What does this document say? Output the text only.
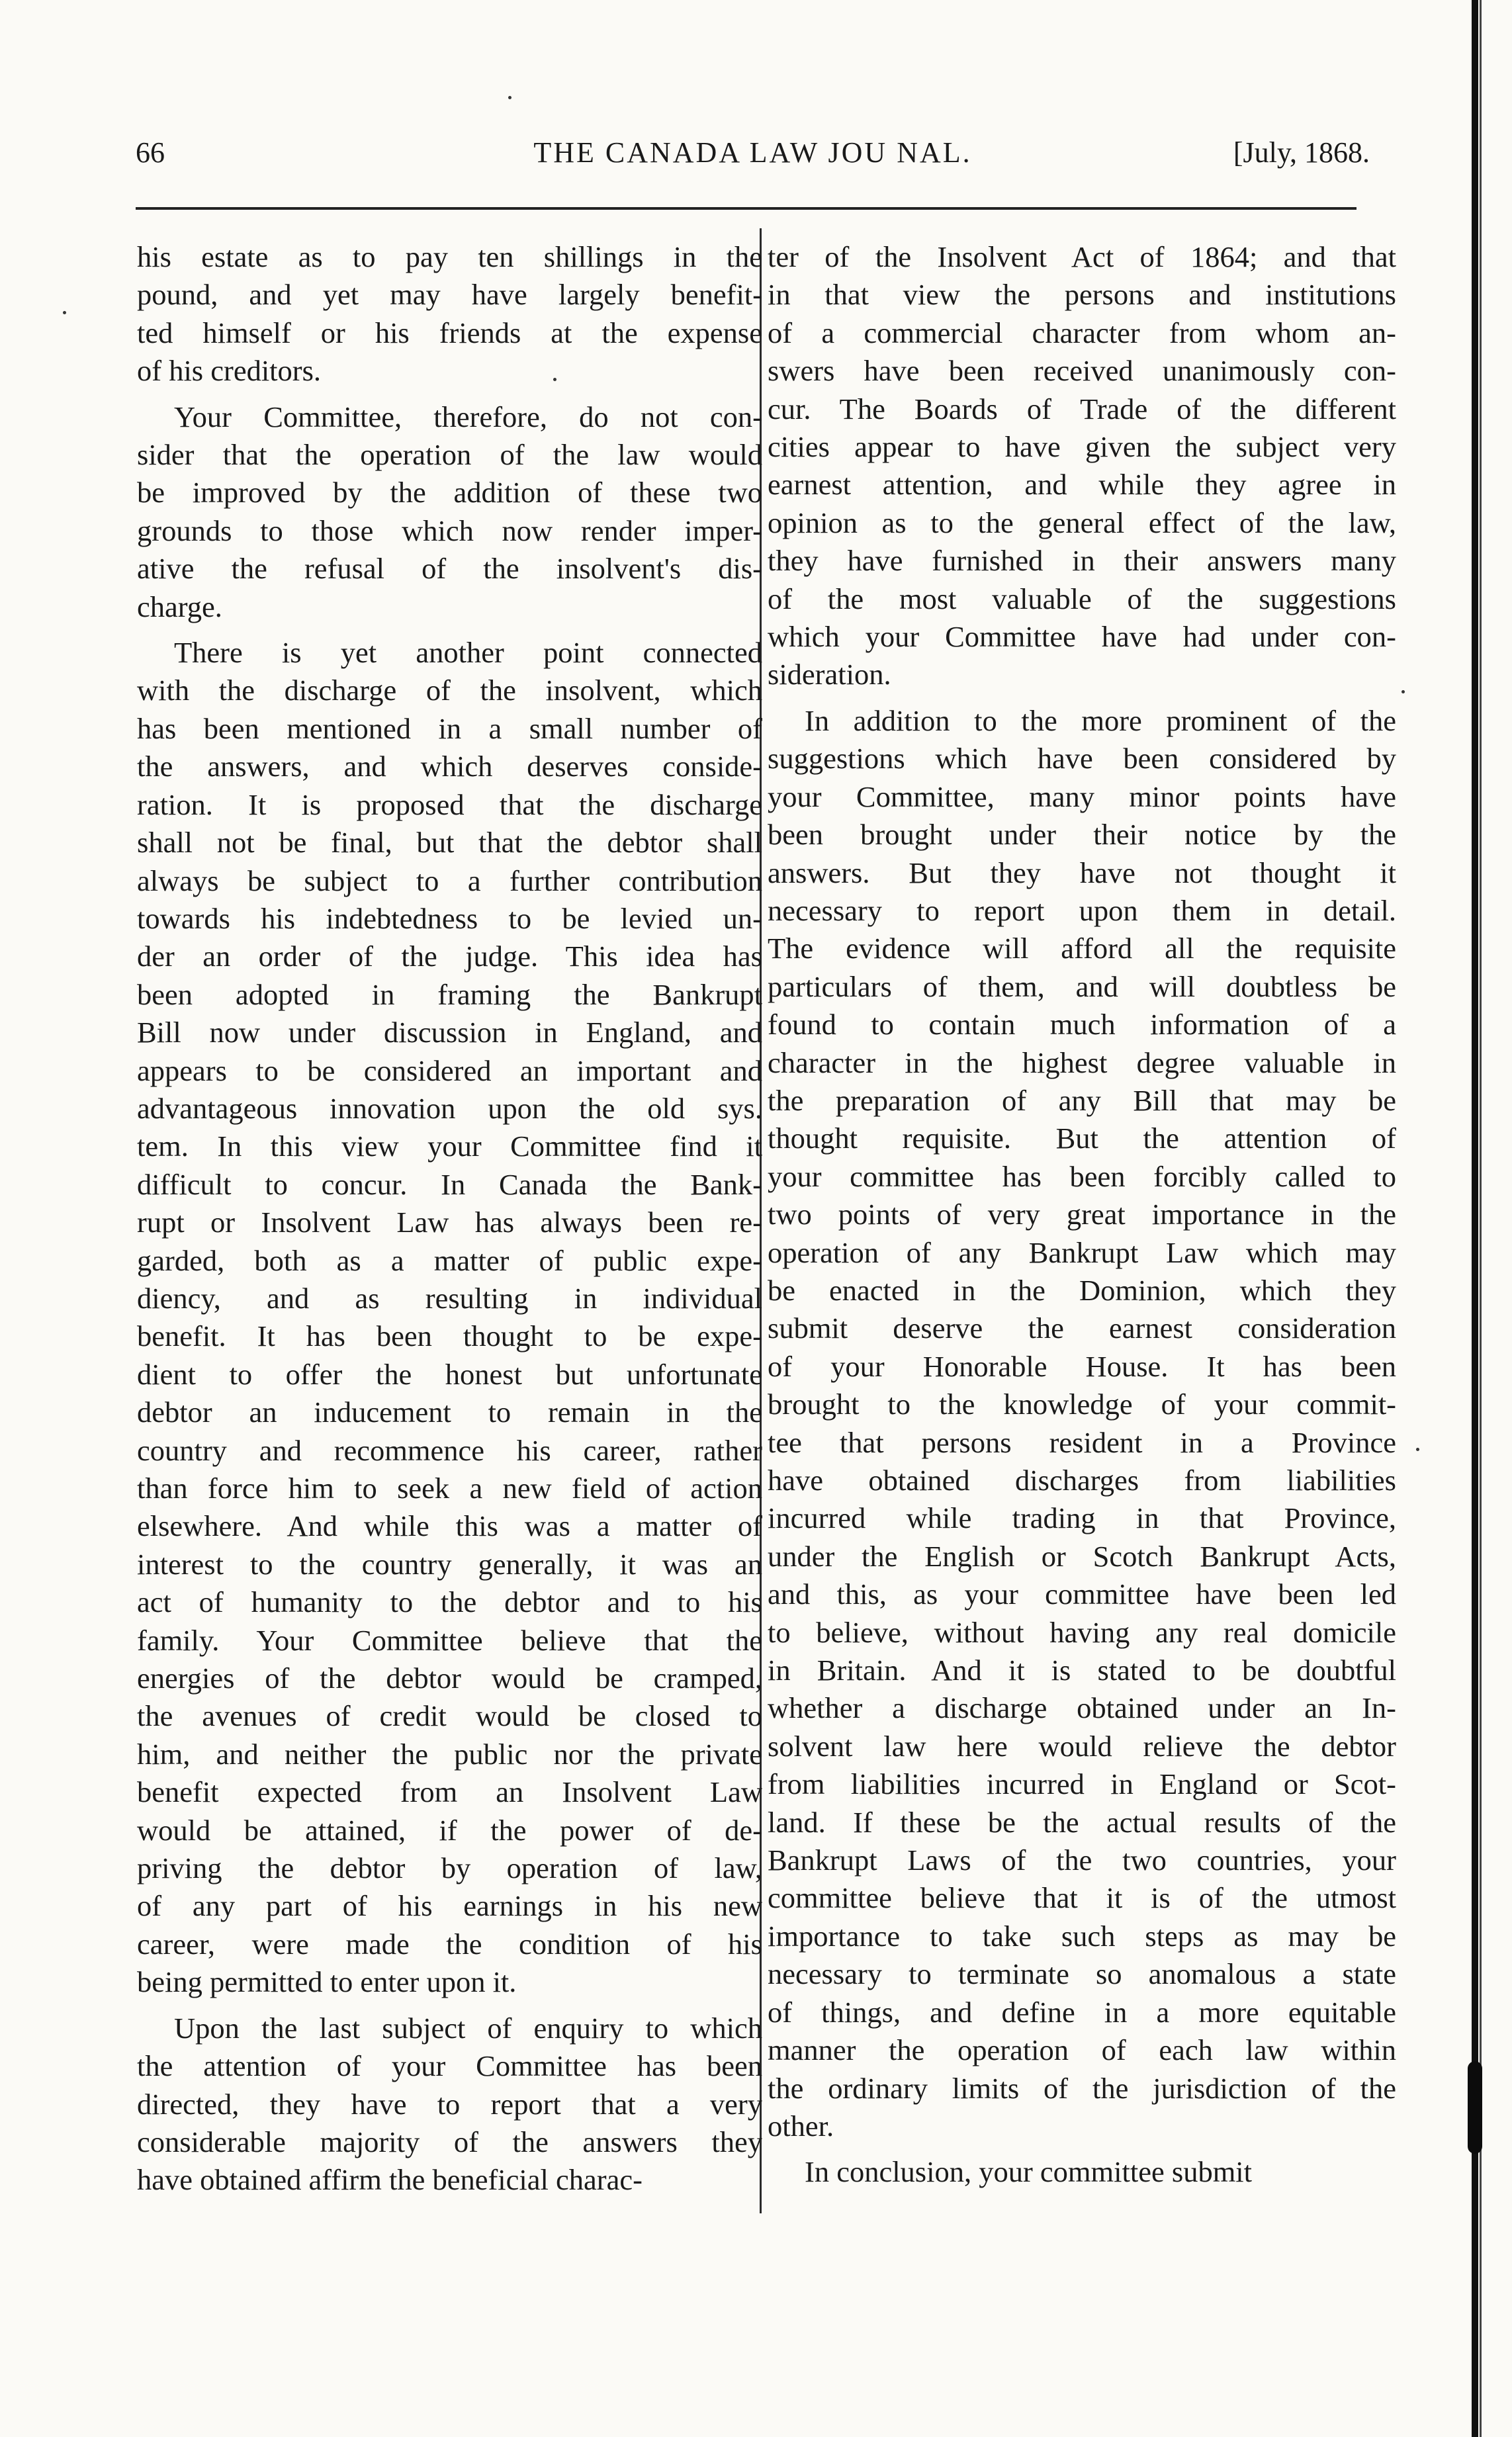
66	THE CANADA LAW JOU NAL.	[July, 1868.
his estate as to pay ten shillings in the
pound, and yet may have largely benefit-
ted himself or his friends at the expense
of his creditors.
Your Committee, therefore, do not con-
sider that the operation of the law would
be improved by the addition of these two
grounds to those which now render imper-
ative the refusal of the insolvent's dis-
charge.
There is yet another point connected
with the discharge of the insolvent, which
has been mentioned in a small number of
the answers, and which deserves conside-
ration. It is proposed that the discharge
shall not be final, but that the debtor shall
always be subject to a further contribution
towards his indebtedness to be levied un-
der an order of the judge. This idea has
been adopted in framing the Bankrupt
Bill now under discussion in England, and
appears to be considered an important and
advantageous innovation upon the old sys.
tem. In this view your Committee find it
difficult to concur. In Canada the Bank-
rupt or Insolvent Law has always been re-
garded, both as a matter of public expe-
diency, and as resulting in individual
benefit. It has been thought to be expe-
dient to offer the honest but unfortunate
debtor an inducement to remain in the
country and recommence his career, rather
than force him to seek a new field of action
elsewhere. And while this was a matter of
interest to the country generally, it was an
act of humanity to the debtor and to his
family. Your Committee believe that the
energies of the debtor would be cramped,
the avenues of credit would be closed to
him, and neither the public nor the private
benefit expected from an Insolvent Law
would be attained, if the power of de-
priving the debtor by operation of law,
of any part of his earnings in his new
career, were made the condition of his
being permitted to enter upon it.
Upon the last subject of enquiry to which
the attention of your Committee has been
directed, they have to report that a very
considerable majority of the answers they
have obtained affirm the beneficial charac-
ter of the Insolvent Act of 1864; and that
in that view the persons and institutions
of a commercial character from whom an-
swers have been received unanimously con-
cur. The Boards of Trade of the different
cities appear to have given the subject very
earnest attention, and while they agree in
opinion as to the general effect of the law,
they have furnished in their answers many
of the most valuable of the suggestions
which your Committee have had under con-
sideration.
In addition to the more prominent of the
suggestions which have been considered by
your Committee, many minor points have
been brought under their notice by the
answers. But they have not thought it
necessary to report upon them in detail.
The evidence will afford all the requisite
particulars of them, and will doubtless be
found to contain much information of a
character in the highest degree valuable in
the preparation of any Bill that may be
thought requisite. But the attention of
your committee has been forcibly called to
two points of very great importance in the
operation of any Bankrupt Law which may
be enacted in the Dominion, which they
submit deserve the earnest consideration
of your Honorable House. It has been
brought to the knowledge of your commit-
tee that persons resident in a Province
have obtained discharges from liabilities
incurred while trading in that Province,
under the English or Scotch Bankrupt Acts,
and this, as your committee have been led
to believe, without having any real domicile
in Britain. And it is stated to be doubtful
whether a discharge obtained under an In-
solvent law here would relieve the debtor
from liabilities incurred in England or Scot-
land. If these be the actual results of the
Bankrupt Laws of the two countries, your
committee believe that it is of the utmost
importance to take such steps as may be
necessary to terminate so anomalous a state
of things, and define in a more equitable
manner the operation of each law within
the ordinary limits of the jurisdiction of the
other.
In conclusion, your committee submit
